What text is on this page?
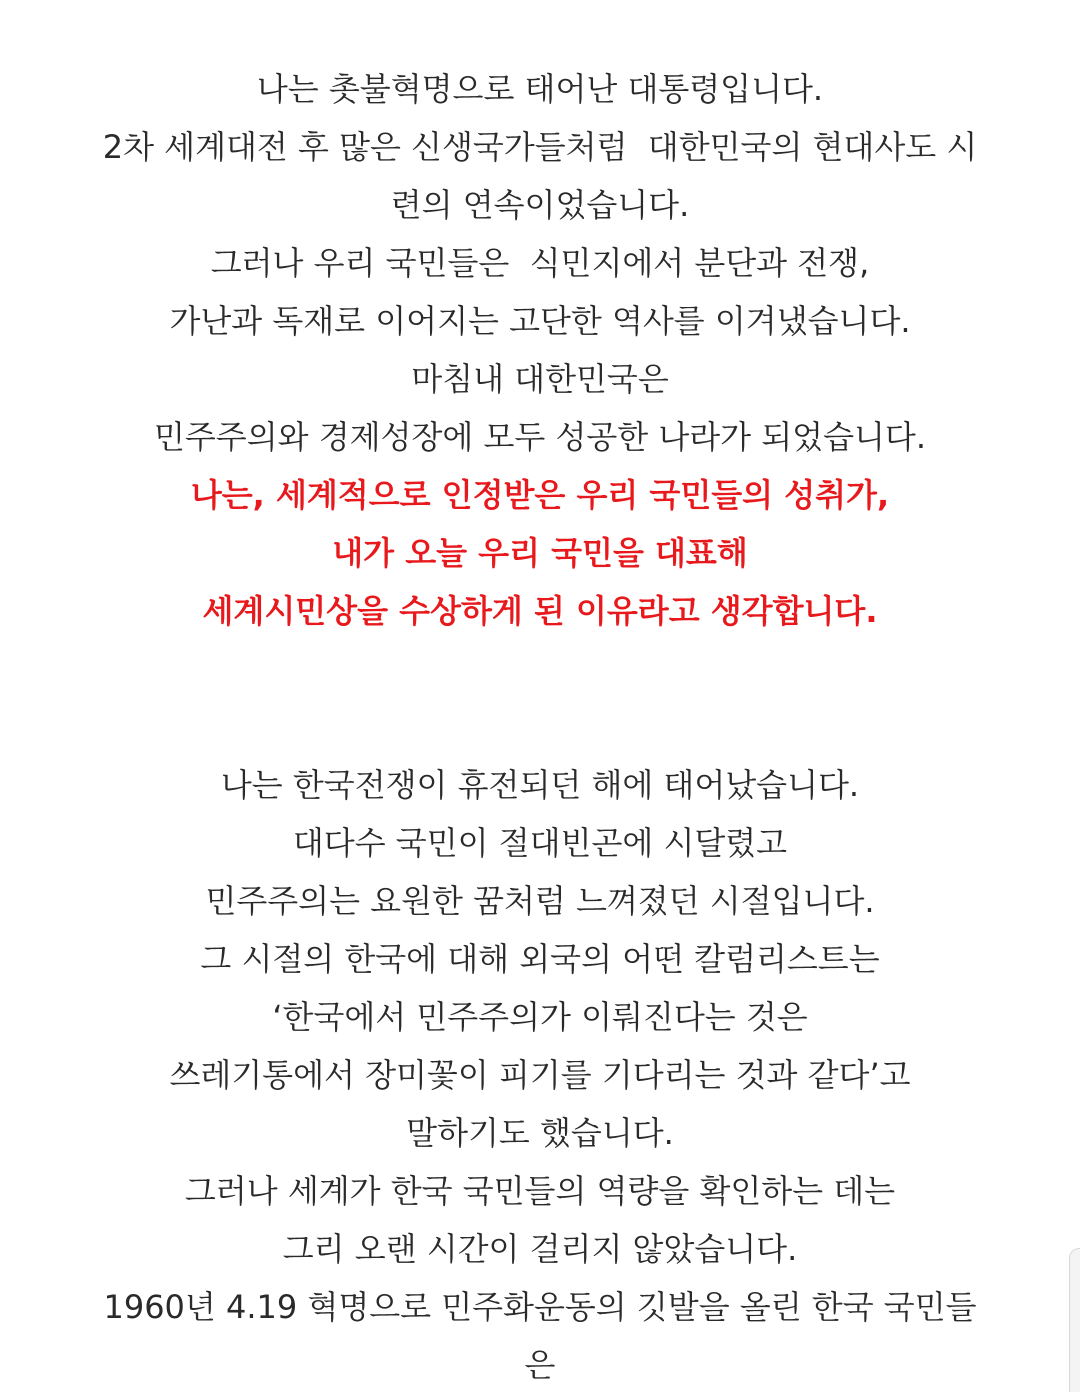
나는 촛불혁명으로 태어난 대통령입니다.
2차 세계대전 후 많은 신생국가들처럼  대한민국의 현대사도 시
련의 연속이었습니다.
그러나 우리 국민들은  식민지에서 분단과 전쟁,
가난과 독재로 이어지는 고단한 역사를 이겨냈습니다.
마침내 대한민국은
민주주의와 경제성장에 모두 성공한 나라가 되었습니다.
나는, 세계적으로 인정받은 우리 국민들의 성취가,
내가 오늘 우리 국민을 대표해
세계시민상을 수상하게 된 이유라고 생각합니다.
나는 한국전쟁이 휴전되던 해에 태어났습니다.
대다수 국민이 절대빈곤에 시달렸고
민주주의는 요원한 꿈처럼 느껴졌던 시절입니다.
그 시절의 한국에 대해 외국의 어떤 칼럼리스트는
‘한국에서 민주주의가 이뤄진다는 것은
쓰레기통에서 장미꽃이 피기를 기다리는 것과 같다’고
말하기도 했습니다.
그러나 세계가 한국 국민들의 역량을 확인하는 데는
그리 오랜 시간이 걸리지 않았습니다.
1960년 4.19 혁명으로 민주화운동의 깃발을 올린 한국 국민들
은
